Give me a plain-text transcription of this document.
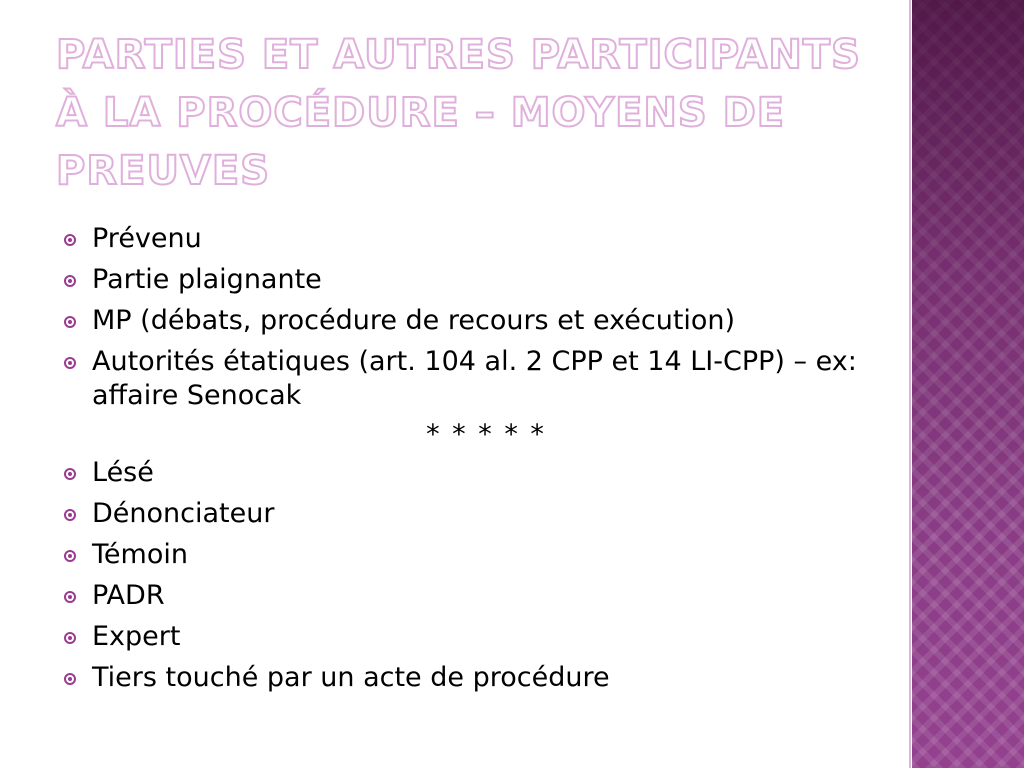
PARTIES ET AUTRES PARTICIPANTS À LA PROCÉDURE – MOYENS DE PREUVES
Prévenu
Partie plaignante
MP (débats, procédure de recours et exécution)
Autorités étatiques (art. 104 al. 2 CPP et 14 LI-CPP) – ex: affaire Senocak
* * * * *
Lésé
Dénonciateur
Témoin
PADR
Expert
Tiers touché par un acte de procédure
